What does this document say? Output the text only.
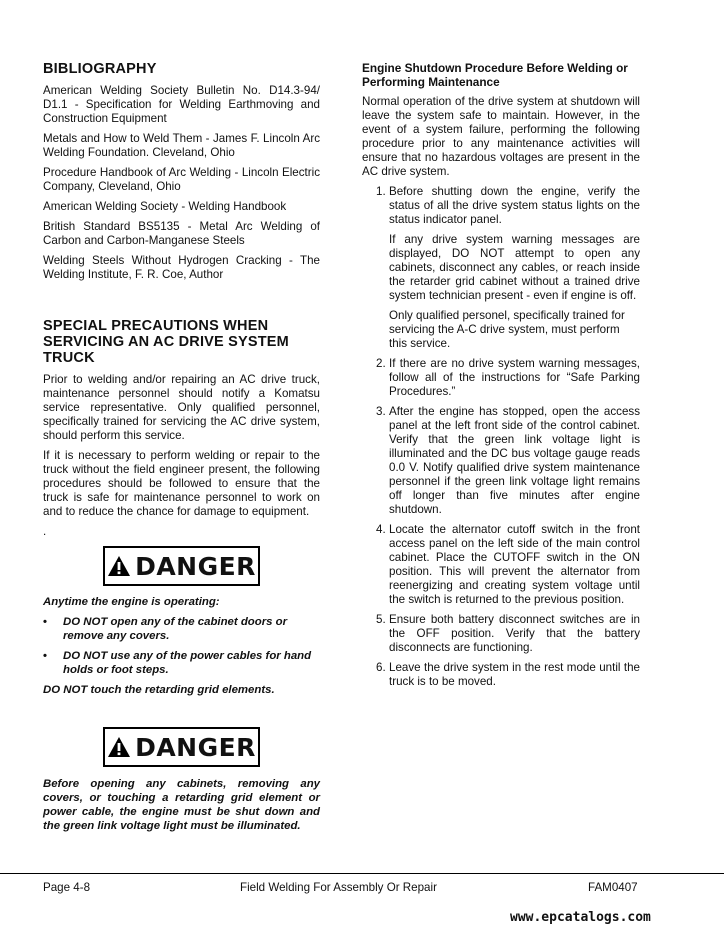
BIBLIOGRAPHY

American Welding Society Bulletin No. D14.3-94/ D1.1 - Specification for Welding Earthmoving and Construction Equipment

Metals and How to Weld Them - James F. Lincoln Arc Welding Foundation. Cleveland, Ohio

Procedure Handbook of Arc Welding - Lincoln Electric Company, Cleveland, Ohio

American Welding Society - Welding Handbook

British Standard BS5135 - Metal Arc Welding of Carbon and Carbon-Manganese Steels

Welding Steels Without Hydrogen Cracking - The Welding Institute, F. R. Coe, Author

SPECIAL PRECAUTIONS WHEN
SERVICING AN AC DRIVE SYSTEM TRUCK

Prior to welding and/or repairing an AC drive truck, maintenance personnel should notify a Komatsu service representative. Only qualified personnel, specifically trained for servicing the AC drive system, should perform this service.

If it is necessary to perform welding or repair to the truck without the field engineer present, the following procedures should be followed to ensure that the truck is safe for maintenance personnel to work on and to reduce the chance for damage to equipment.

.
DANGER
Anytime the engine is operating:
• DO NOT open any of the cabinet doors or remove any covers.
• DO NOT use any of the power cables for hand holds or foot steps.
DO NOT touch the retarding grid elements.
DANGER
Before opening any cabinets, removing any covers, or touching a retarding grid element or power cable, the engine must be shut down and the green link voltage light must be illuminated.
Engine Shutdown Procedure Before Welding or Performing Maintenance

Normal operation of the drive system at shutdown will leave the system safe to maintain. However, in the event of a system failure, performing the following procedure prior to any maintenance activities will ensure that no hazardous voltages are present in the AC drive system.

1. Before shutting down the engine, verify the status of all the drive system status lights on the status indicator panel.

If any drive system warning messages are displayed, DO NOT attempt to open any cabinets, disconnect any cables, or reach inside the retarder grid cabinet without a trained drive system technician present - even if engine is off.

Only qualified personel, specifically trained for servicing the A-C drive system, must perform this service.

2. If there are no drive system warning messages, follow all of the instructions for “Safe Parking Procedures.”

3. After the engine has stopped, open the access panel at the left front side of the control cabinet. Verify that the green link voltage light is illuminated and the DC bus voltage gauge reads 0.0 V. Notify qualified drive system maintenance personnel if the green link voltage light remains off longer than five minutes after engine shutdown.

4. Locate the alternator cutoff switch in the front access panel on the left side of the main control cabinet. Place the CUTOFF switch in the ON position. This will prevent the alternator from reenergizing and creating system voltage until the switch is returned to the previous position.

5. Ensure both battery disconnect switches are in the OFF position. Verify that the battery disconnects are functioning.

6. Leave the drive system in the rest mode until the truck is to be moved.

Page 4-8	Field Welding For Assembly Or Repair	FAM0407
www.epcatalogs.com
